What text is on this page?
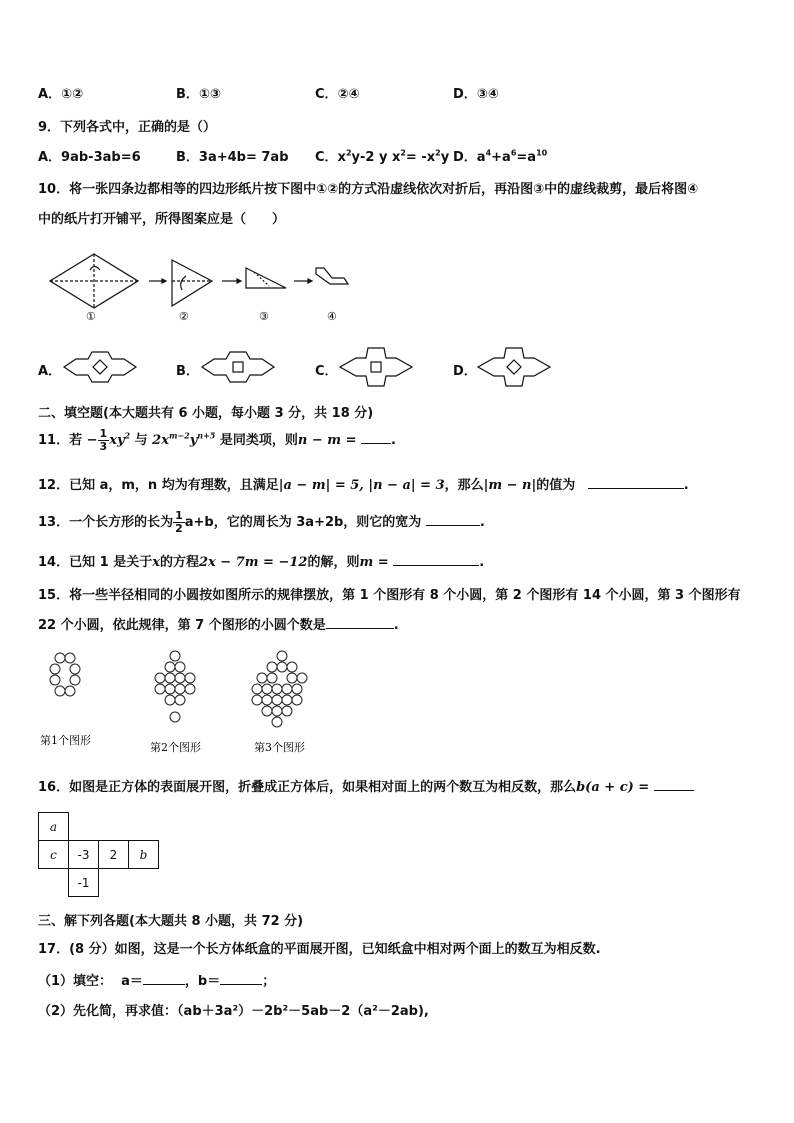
A．①②	B．①③	C．②④	D．③④
9．下列各式中，正确的是（）
A．9ab-3ab=6	B．3a+4b= 7ab C．$x^2y-2$ y $x^2= -x^2y$ D．$a^4+a^6=a^{10}$
10．将一张四条边都相等的四边形纸片按下图中①②的方式沿虚线依次对折后，再沿图③中的虚线裁剪，最后将图④
中的纸片打开铺平，所得图案应是（　　）
①	②	③	④
A．	B．	C．	D．
二、填空题(本大题共有 6 小题，每小题 3 分，共 18 分)
11．若 − $\frac{1}{3} xy^2$ 与 $2x^{m-2}y^{n+5}$ 是同类项，则n − m =	.
12．已知 a，m，n 均为有理数，且满足|a − m| = 5, |n − a| = 3，那么|m − n|的值为	.
13．一个长方形的长为 $\frac{1}{2} a+b$，它的周长为 3a+2b，则它的宽为	.
14．已知 1 是关于x的方程2x − 7m = −12的解，则m =	.
15．将一些半径相同的小圆按如图所示的规律摆放，第 1 个图形有 8 个小圆，第 2 个图形有 14 个小圆，第 3 个图形有
22 个小圆，依此规律，第 7 个图形的小圆个数是	.
第1个图形
第2个图形	第3个图形
16．如图是正方体的表面展开图，折叠成正方体后，如果相对面上的两个数互为相反数，那么b(a + c) =
a			
c	-3	2	b
	-1		
三、解下列各题(本大题共 8 小题，共 72 分)
17．(8 分）如图，这是一个长方体纸盒的平面展开图，已知纸盒中相对两个面上的数互为相反数.
（1）填空： a＝	，b＝	；
（2）先化简，再求值：（ab＋3a²）－2b²－5ab－2（a²－2ab),
